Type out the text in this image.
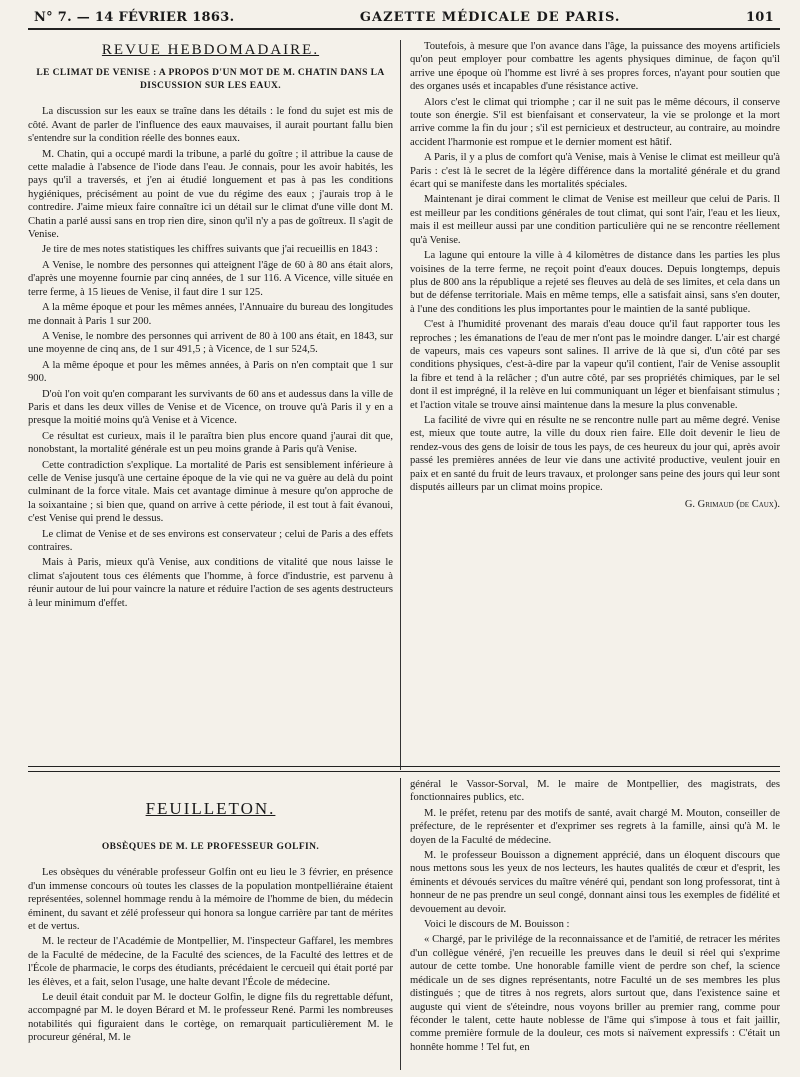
N° 7. — 14 FÉVRIER 1863.	GAZETTE MÉDICALE DE PARIS.	101
REVUE HEBDOMADAIRE.
LE CLIMAT DE VENISE : A PROPOS D'UN MOT DE M. CHATIN DANS LA DISCUSSION SUR LES EAUX.

La discussion sur les eaux se traîne dans les détails : le fond du sujet est mis de côté. Avant de parler de l'influence des eaux mauvaises, il aurait pourtant fallu bien s'entendre sur la condition réelle des bonnes eaux.

M. Chatin, qui a occupé mardi la tribune, a parlé du goître ; il attribue la cause de cette maladie à l'absence de l'iode dans l'eau. Je connais, pour les avoir habités, les pays qu'il a traversés, et j'en ai étudié longuement et pas à pas les conditions hygiéniques, précisément au point de vue du régime des eaux ; j'aurais trop à le contredire. J'aime mieux faire connaître ici un détail sur le climat d'une ville dont M. Chatin a parlé aussi sans en trop rien dire, sinon qu'il n'y a pas de goîtreux. Il s'agit de Venise.

Je tire de mes notes statistiques les chiffres suivants que j'ai recueillis en 1843 :

A Venise, le nombre des personnes qui atteignent l'âge de 60 à 80 ans était alors, d'après une moyenne fournie par cinq années, de 1 sur 116. A Vicence, ville située en terre ferme, à 15 lieues de Venise, il faut dire 1 sur 125.

A la même époque et pour les mêmes années, l'Annuaire du bureau des longitudes me donnait à Paris 1 sur 200.

A Venise, le nombre des personnes qui arrivent de 80 à 100 ans était, en 1843, sur une moyenne de cinq ans, de 1 sur 491,5 ; à Vicence, de 1 sur 524,5.

A la même époque et pour les mêmes années, à Paris on n'en comptait que 1 sur 900.

D'où l'on voit qu'en comparant les survivants de 60 ans et audessus dans la ville de Paris et dans les deux villes de Venise et de Vicence, on trouve qu'à Paris il y en a presque la moitié moins qu'à Venise et à Vicence.

Ce résultat est curieux, mais il le paraîtra bien plus encore quand j'aurai dit que, nonobstant, la mortalité générale est un peu moins grande à Paris qu'à Venise.

Cette contradiction s'explique. La mortalité de Paris est sensiblement inférieure à celle de Venise jusqu'à une certaine époque de la vie qui ne va guère au delà du point culminant de la force vitale. Mais cet avantage diminue à mesure qu'on approche de la soixantaine ; si bien que, quand on arrive à cette période, il est tout à fait évanoui, c'est Venise qui prend le dessus.

Le climat de Venise et de ses environs est conservateur ; celui de Paris a des effets contraires.

Mais à Paris, mieux qu'à Venise, aux conditions de vitalité que nous laisse le climat s'ajoutent tous ces éléments que l'homme, à force d'industrie, est parvenu à réunir autour de lui pour vaincre la nature et réduire l'action de ses agents destructeurs à leur minimum d'effet.

Toutefois, à mesure que l'on avance dans l'âge, la puissance des moyens artificiels qu'on peut employer pour combattre les agents physiques diminue, de façon qu'il arrive une époque où l'homme est livré à ses propres forces, n'ayant pour soutien que des organes usés et incapables d'une résistance active.

Alors c'est le climat qui triomphe ; car il ne suit pas le même décours, il conserve toute son énergie. S'il est bienfaisant et conservateur, la vie se prolonge et la mort arrive comme la fin du jour ; s'il est pernicieux et destructeur, au contraire, au moindre accident l'harmonie est rompue et le dernier moment est hâtif.

A Paris, il y a plus de comfort qu'à Venise, mais à Venise le climat est meilleur qu'à Paris : c'est là le secret de la légère différence dans la mortalité générale et du grand écart qui se manifeste dans les mortalités spéciales.

Maintenant je dirai comment le climat de Venise est meilleur que celui de Paris. Il est meilleur par les conditions générales de tout climat, qui sont l'air, l'eau et les lieux, mais il est meilleur aussi par une condition particulière qui ne se rencontre réellement qu'à Venise.

La lagune qui entoure la ville à 4 kilomètres de distance dans les parties les plus voisines de la terre ferme, ne reçoit point d'eaux douces. Depuis longtemps, depuis plus de 800 ans la république a rejeté ses fleuves au delà de ses limites, et cela dans un but de défense territoriale. Mais en même temps, elle a satisfait ainsi, sans s'en douter, à l'une des conditions les plus importantes pour le maintien de la santé publique.

C'est à l'humidité provenant des marais d'eau douce qu'il faut rapporter tous les reproches ; les émanations de l'eau de mer n'ont pas le moindre danger. L'air est chargé de vapeurs, mais ces vapeurs sont salines. Il arrive de là que si, d'un côté par ses conditions physiques, c'est-à-dire par la vapeur qu'il contient, l'air de Venise assouplit la fibre et tend à la relâcher ; d'un autre côté, par ses propriétés chimiques, par le sel dont il est imprégné, il la relève en lui communiquant un léger et bienfaisant stimulus ; et l'action vitale se trouve ainsi maintenue dans la mesure la plus convenable.

La facilité de vivre qui en résulte ne se rencontre nulle part au même degré. Venise est, mieux que toute autre, la ville du doux rien faire. Elle doit devenir le lieu de rendez-vous des gens de loisir de tous les pays, de ces heureux du jour qui, après avoir passé les premières années de leur vie dans une activité productive, veulent jouir en paix et en santé du fruit de leurs travaux, et prolonger sans peine des jours qui leur sont disputés ailleurs par un climat moins propice.

G. Grimaud (de Caux).
FEUILLETON.
OBSÈQUES DE M. LE PROFESSEUR GOLFIN.

Les obsèques du vénérable professeur Golfin ont eu lieu le 3 février, en présence d'un immense concours où toutes les classes de la population montpelliéraine étaient représentées, solennel hommage rendu à la mémoire de l'homme de bien, du médecin éminent, du savant et zélé professeur qui honora sa longue carrière par tant de mérites et de vertus.

M. le recteur de l'Académie de Montpellier, M. l'inspecteur Gaffarel, les membres de la Faculté de médecine, de la Faculté des sciences, de la Faculté des lettres et de l'École de pharmacie, le corps des étudiants, précédaient le cercueil qui était porté par les élèves, et a fait, selon l'usage, une halte devant l'École de médecine.

Le deuil était conduit par M. le docteur Golfin, le digne fils du regrettable défunt, accompagné par M. le doyen Bérard et M. le professeur René. Parmi les nombreuses notabilités qui figuraient dans le cortège, on remarquait particulièrement M. le procureur général, M. le

général le Vassor-Sorval, M. le maire de Montpellier, des magistrats, des fonctionnaires publics, etc.

M. le préfet, retenu par des motifs de santé, avait chargé M. Mouton, conseiller de préfecture, de le représenter et d'exprimer ses regrets à la famille, ainsi qu'à M. le doyen de la Faculté de médecine.

M. le professeur Bouisson a dignement apprécié, dans un éloquent discours que nous mettons sous les yeux de nos lecteurs, les hautes qualités de cœur et d'esprit, les éminents et dévoués services du maître vénéré qui, pendant son long professorat, tint à honneur de ne pas prendre un seul congé, donnant ainsi tous les exemples de fidélité et devouement au devoir.

Voici le discours de M. Bouisson :

« Chargé, par le privilége de la reconnaissance et de l'amitié, de retracer les mérites d'un collègue vénéré, j'en recueille les preuves dans le deuil si réel qui s'exprime autour de cette tombe. Une honorable famille vient de perdre son chef, la science médicale un de ses dignes représentants, notre Faculté un de ses membres les plus distingués ; que de titres à nos regrets, alors surtout que, dans l'existence saine et auguste qui vient de s'éteindre, nous voyons briller au premier rang, comme pour féconder le talent, cette haute noblesse de l'âme qui s'impose à tous et fait jaillir, comme première formule de la douleur, ces mots si naïvement expressifs : C'était un honnête homme ! Tel fut, en
